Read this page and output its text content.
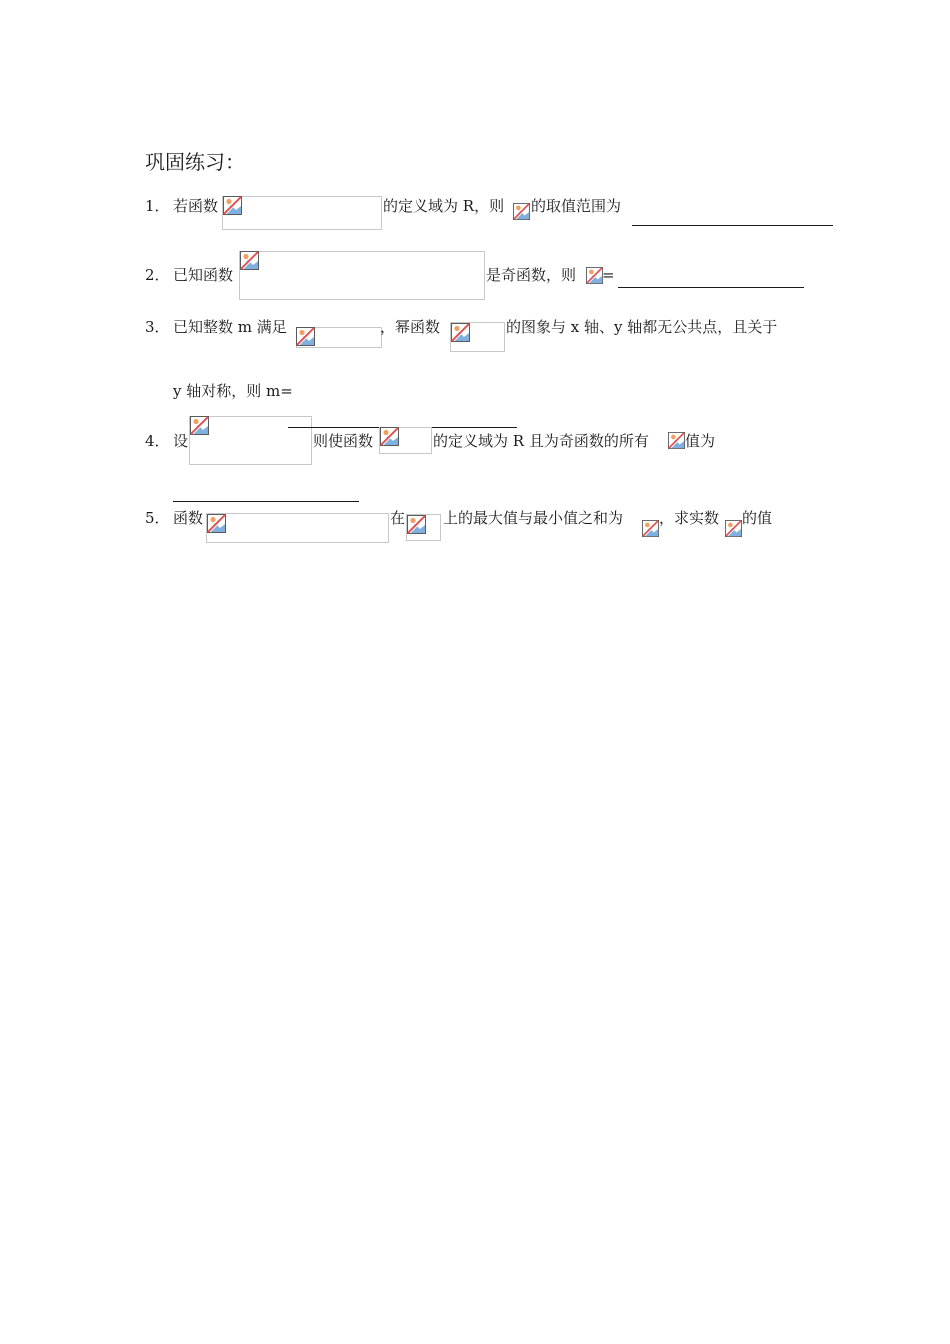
巩固练习：
1． 若函数	的定义域为 R，则 的取值范围为
2． 已知函数	是奇函数，则 =
3． 已知整数 m 满足	，幂函数	的图象与 x 轴、y 轴都无公共点，且关于
y 轴对称，则 m=
4． 设	则使函数	的定义域为 R 且为奇函数的所有 值为
5． 函数	在	上的最大值与最小值之和为 ，求实数 的值
